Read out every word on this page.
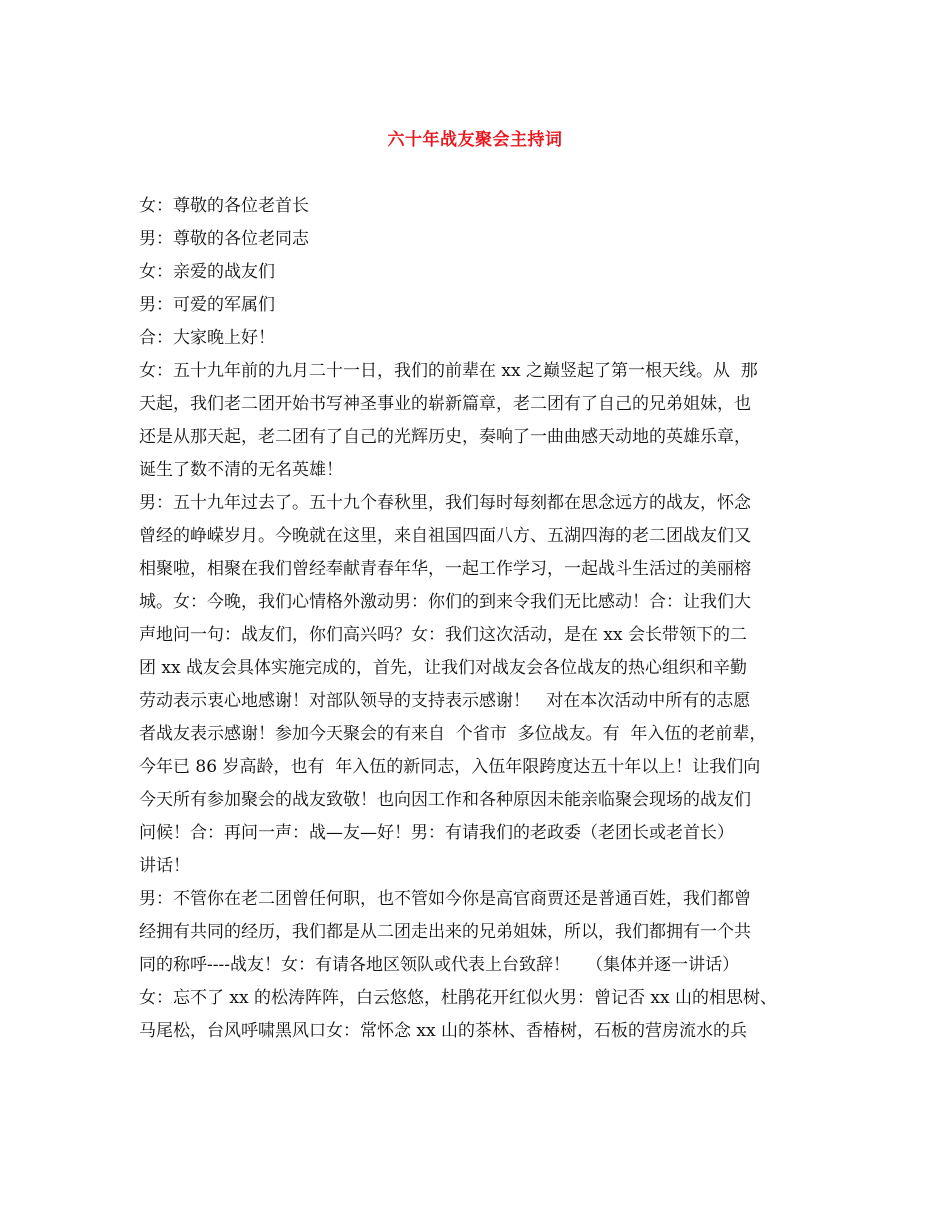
六十年战友聚会主持词
女：尊敬的各位老首长
男：尊敬的各位老同志
女：亲爱的战友们
男：可爱的军属们
合：大家晚上好！
女：五十九年前的九月二十一日，我们的前辈在 xx 之巅竖起了第一根天线。从  那
天起，我们老二团开始书写神圣事业的崭新篇章，老二团有了自己的兄弟姐妹，也
还是从那天起，老二团有了自己的光辉历史，奏响了一曲曲感天动地的英雄乐章，
诞生了数不清的无名英雄！
男：五十九年过去了。五十九个春秋里，我们每时每刻都在思念远方的战友，怀念
曾经的峥嵘岁月。今晚就在这里，来自祖国四面八方、五湖四海的老二团战友们又
相聚啦，相聚在我们曾经奉献青春年华，一起工作学习，一起战斗生活过的美丽榕
城。女：今晚，我们心情格外激动男：你们的到来令我们无比感动！合：让我们大
声地问一句：战友们，你们高兴吗？女：我们这次活动，是在 xx 会长带领下的二
团 xx 战友会具体实施完成的，首先，让我们对战友会各位战友的热心组织和辛勤
劳动表示衷心地感谢！对部队领导的支持表示感谢！   对在本次活动中所有的志愿
者战友表示感谢！参加今天聚会的有来自  个省市  多位战友。有  年入伍的老前辈，
今年已 86 岁高龄，也有  年入伍的新同志，入伍年限跨度达五十年以上！让我们向
今天所有参加聚会的战友致敬！也向因工作和各种原因未能亲临聚会现场的战友们
问候！合：再问一声：战—友—好！男：有请我们的老政委（老团长或老首长）
讲话！
男：不管你在老二团曾任何职，也不管如今你是高官商贾还是普通百姓，我们都曾
经拥有共同的经历，我们都是从二团走出来的兄弟姐妹，所以，我们都拥有一个共
同的称呼----战友！女：有请各地区领队或代表上台致辞！   （集体并逐一讲话）
女：忘不了 xx 的松涛阵阵，白云悠悠，杜鹃花开红似火男：曾记否 xx 山的相思树、
马尾松，台风呼啸黑风口女：常怀念 xx 山的茶林、香椿树，石板的营房流水的兵
